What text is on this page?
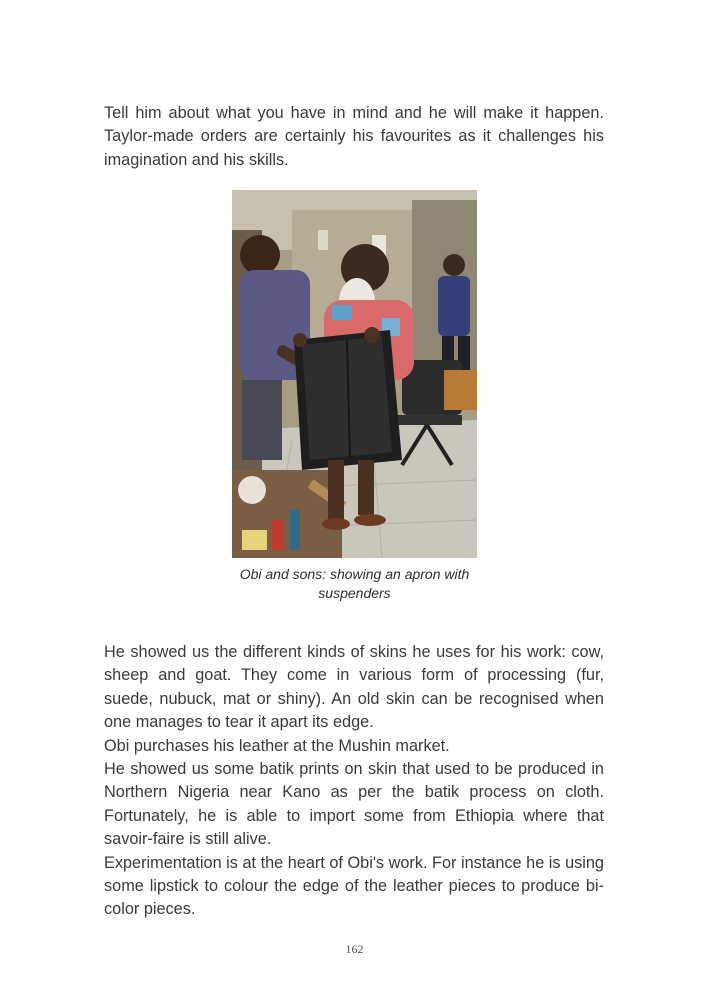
Tell him about what you have in mind and he will make it happen. Taylor-made orders are certainly his favourites as it challenges his imagination and his skills.

Obi and sons: showing an apron with suspenders
He showed us the different kinds of skins he uses for his work: cow, sheep and goat. They come in various form of processing (fur, suede, nubuck, mat or shiny). An old skin can be recognised when one manages to tear it apart its edge.
Obi purchases his leather at the Mushin market.
He showed us some batik prints on skin that used to be produced in Northern Nigeria near Kano as per the batik process on cloth. Fortunately, he is able to import some from Ethiopia where that savoir-faire is still alive.
Experimentation is at the heart of Obi's work. For instance he is using some lipstick to colour the edge of the leather pieces to produce bi-color pieces.
162
